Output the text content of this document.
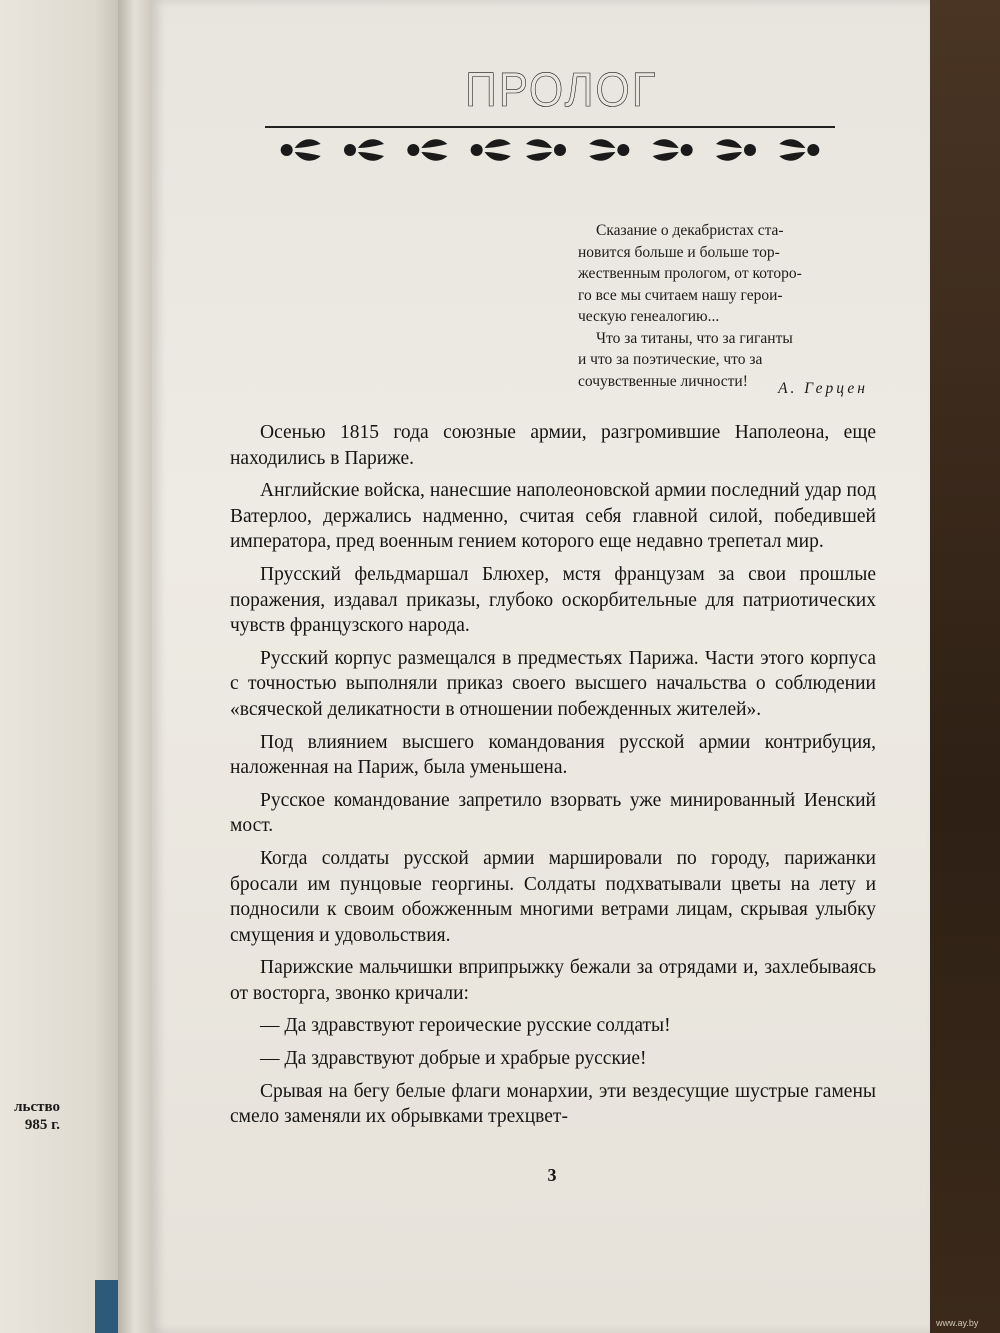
льство
985 г.
ПРОЛОГ

Сказание о декабристах ста-

новится больше и больше тор-

жественным прологом, от которо-

го все мы считаем нашу герои-

ческую генеалогию...

Что за титаны, что за гиганты

и что за поэтические, что за

сочувственные личности!	А. Герцен

Осенью 1815 года союзные армии, разгромившие Наполеона, еще находились в Париже.

Английские войска, нанесшие наполеоновской армии последний удар под Ватерлоо, держались надменно, считая себя главной силой, победившей императора, пред военным гением которого еще недавно трепетал мир.

Прусский фельдмаршал Блюхер, мстя французам за свои прошлые поражения, издавал приказы, глубоко оскорбительные для патриотических чувств французского народа.

Русский корпус размещался в предместьях Парижа. Части этого корпуса с точностью выполняли приказ своего высшего начальства о соблюдении «всяческой деликатности в отношении побежденных жителей».

Под влиянием высшего командования русской армии контрибуция, наложенная на Париж, была уменьшена.

Русское командование запретило взорвать уже минированный Иенский мост.

Когда солдаты русской армии маршировали по городу, парижанки бросали им пунцовые георгины. Солдаты подхватывали цветы на лету и подносили к своим обожженным многими ветрами лицам, скрывая улыбку смущения и удовольствия.

Парижские мальчишки вприпрыжку бежали за отрядами и, захлебываясь от восторга, звонко кричали:

— Да здравствуют героические русские солдаты!

— Да здравствуют добрые и храбрые русские!

Срывая на бегу белые флаги монархии, эти вездесущие шустрые гамены смело заменяли их обрывками трехцвет-

3
www.ay.by
